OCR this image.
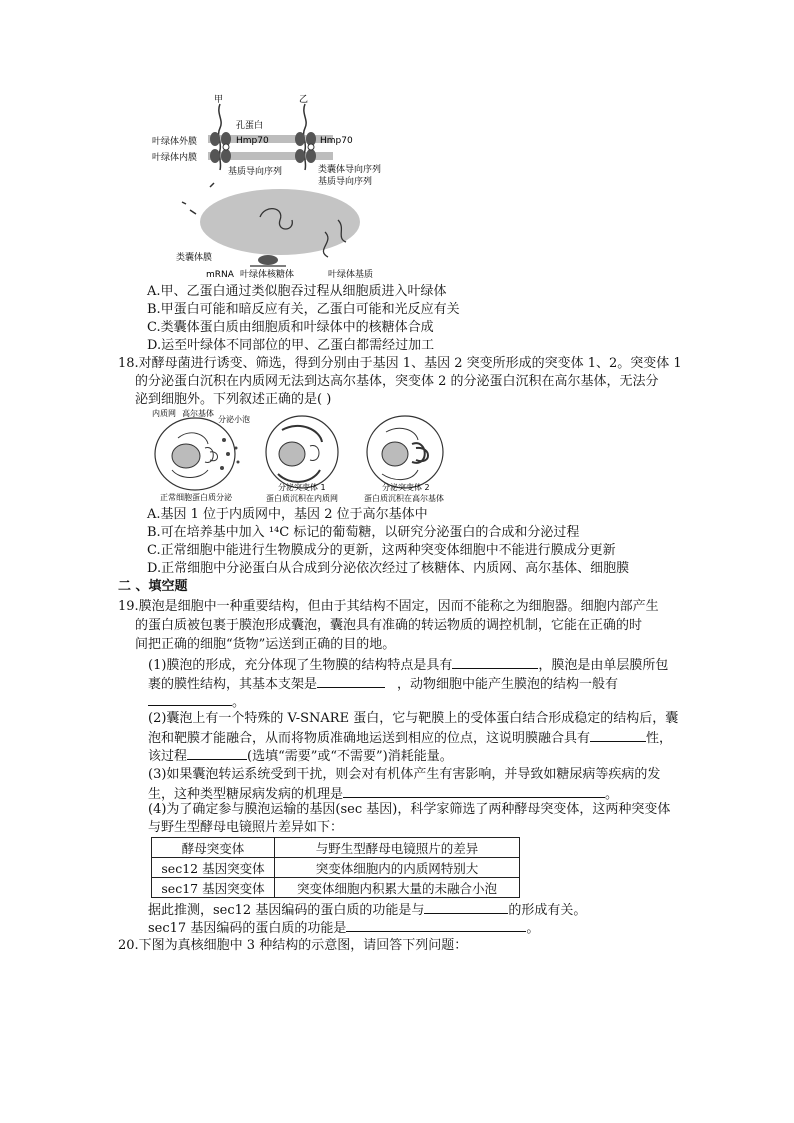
甲	乙
孔蛋白
Hmp70	Hmp70
叶绿体外膜
叶绿体内膜
基质导向序列	类囊体导向序列
基质导向序列
类囊体膜
mRNA 叶绿体核糖体	叶绿体基质
A.甲、乙蛋白通过类似胞吞过程从细胞质进入叶绿体
B.甲蛋白可能和暗反应有关，乙蛋白可能和光反应有关
C.类囊体蛋白质由细胞质和叶绿体中的核糖体合成
D.运至叶绿体不同部位的甲、乙蛋白都需经过加工
18.对酵母菌进行诱变、筛选，得到分别由于基因 1、基因 2 突变所形成的突变体 1、2。突变体 1
的分泌蛋白沉积在内质网无法到达高尔基体，突变体 2 的分泌蛋白沉积在高尔基体，无法分
泌到细胞外。下列叙述正确的是( )
内质网 高尔基体
分泌小泡
正常细胞蛋白质分泌
分泌突变体 1
蛋白质沉积在内质网
分泌突变体 2
蛋白质沉积在高尔基体
A.基因 1 位于内质网中，基因 2 位于高尔基体中
B.可在培养基中加入 ¹⁴C 标记的葡萄糖，以研究分泌蛋白的合成和分泌过程
C.正常细胞中能进行生物膜成分的更新，这两种突变体细胞中不能进行膜成分更新
D.正常细胞中分泌蛋白从合成到分泌依次经过了核糖体、内质网、高尔基体、细胞膜
二 、填空题
19.膜泡是细胞中一种重要结构，但由于其结构不固定，因而不能称之为细胞器。细胞内部产生
的蛋白质被包裹于膜泡形成囊泡，囊泡具有准确的转运物质的调控机制，它能在正确的时
间把正确的细胞“货物”运送到正确的目的地。
(1)膜泡的形成，充分体现了生物膜的结构特点是具有	，膜泡是由单层膜所包
裹的膜性结构，其基本支架是	，动物细胞中能产生膜泡的结构一般有
。
(2)囊泡上有一个特殊的 V-SNARE 蛋白，它与靶膜上的受体蛋白结合形成稳定的结构后，囊
泡和靶膜才能融合，从而将物质准确地运送到相应的位点，这说明膜融合具有	性，
该过程	(选填“需要”或“不需要”)消耗能量。
(3)如果囊泡转运系统受到干扰，则会对有机体产生有害影响，并导致如糖尿病等疾病的发
生，这种类型糖尿病发病的机理是	。
(4)为了确定参与膜泡运输的基因(sec 基因)，科学家筛选了两种酵母突变体，这两种突变体
与野生型酵母电镜照片差异如下：
酵母突变体	与野生型酵母电镜照片的差异
sec12 基因突变体	突变体细胞内的内质网特别大
sec17 基因突变体	突变体细胞内积累大量的未融合小泡
据此推测，sec12 基因编码的蛋白质的功能是与	的形成有关。
sec17 基因编码的蛋白质的功能是	。
20.下图为真核细胞中 3 种结构的示意图，请回答下列问题：
